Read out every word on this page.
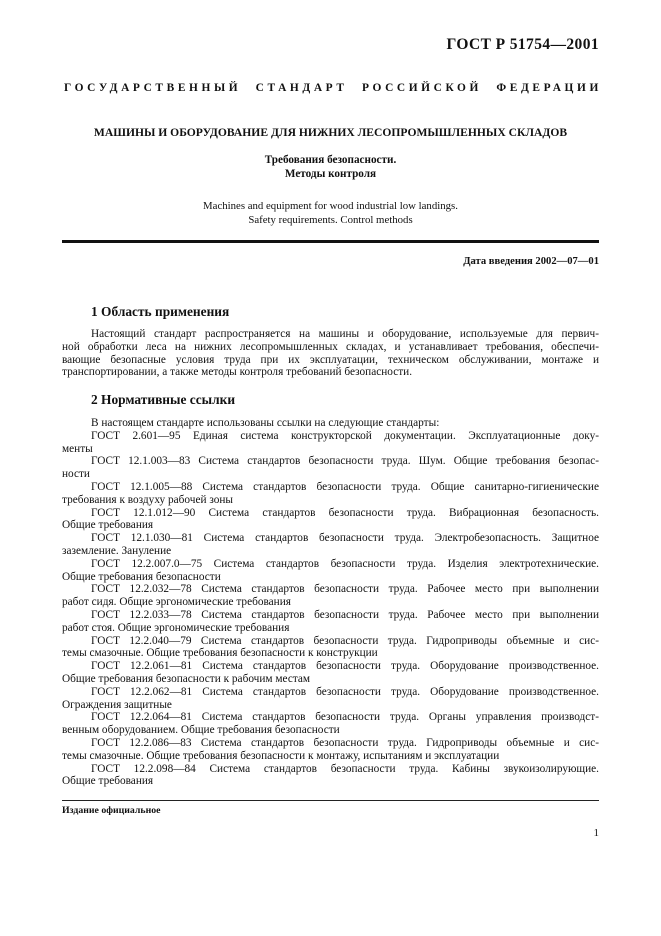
ГОСТ Р 51754—2001
ГОСУДАРСТВЕННЫЙ СТАНДАРТ РОССИЙСКОЙ ФЕДЕРАЦИИ
МАШИНЫ И ОБОРУДОВАНИЕ ДЛЯ НИЖНИХ ЛЕСОПРОМЫШЛЕННЫХ СКЛАДОВ
Требования безопасности.
Методы контроля
Machines and equipment for wood industrial low landings.
Safety requirements. Control methods
Дата введения 2002—07—01
1 Область применения
Настоящий стандарт распространяется на машины и оборудование, используемые для первич-
ной обработки леса на нижних лесопромышленных складах, и устанавливает требования, обеспечи-
вающие безопасные условия труда при их эксплуатации, техническом обслуживании, монтаже и
транспортировании, а также методы контроля требований безопасности.
2 Нормативные ссылки
В настоящем стандарте использованы ссылки на следующие стандарты:
ГОСТ 2.601—95 Единая система конструкторской документации. Эксплуатационные доку-
менты
ГОСТ 12.1.003—83 Система стандартов безопасности труда. Шум. Общие требования безопас-
ности
ГОСТ 12.1.005—88 Система стандартов безопасности труда. Общие санитарно-гигиенические
требования к воздуху рабочей зоны
ГОСТ 12.1.012—90 Система стандартов безопасности труда. Вибрационная безопасность.
Общие требования
ГОСТ 12.1.030—81 Система стандартов безопасности труда. Электробезопасность. Защитное
заземление. Зануление
ГОСТ 12.2.007.0—75 Система стандартов безопасности труда. Изделия электротехнические.
Общие требования безопасности
ГОСТ 12.2.032—78 Система стандартов безопасности труда. Рабочее место при выполнении
работ сидя. Общие эргономические требования
ГОСТ 12.2.033—78 Система стандартов безопасности труда. Рабочее место при выполнении
работ стоя. Общие эргономические требования
ГОСТ 12.2.040—79 Система стандартов безопасности труда. Гидроприводы объемные и сис-
темы смазочные. Общие требования безопасности к конструкции
ГОСТ 12.2.061—81 Система стандартов безопасности труда. Оборудование производственное.
Общие требования безопасности к рабочим местам
ГОСТ 12.2.062—81 Система стандартов безопасности труда. Оборудование производственное.
Ограждения защитные
ГОСТ 12.2.064—81 Система стандартов безопасности труда. Органы управления производст-
венным оборудованием. Общие требования безопасности
ГОСТ 12.2.086—83 Система стандартов безопасности труда. Гидроприводы объемные и сис-
темы смазочные. Общие требования безопасности к монтажу, испытаниям и эксплуатации
ГОСТ 12.2.098—84 Система стандартов безопасности труда. Кабины звукоизолирующие.
Общие требования
Издание официальное
1
